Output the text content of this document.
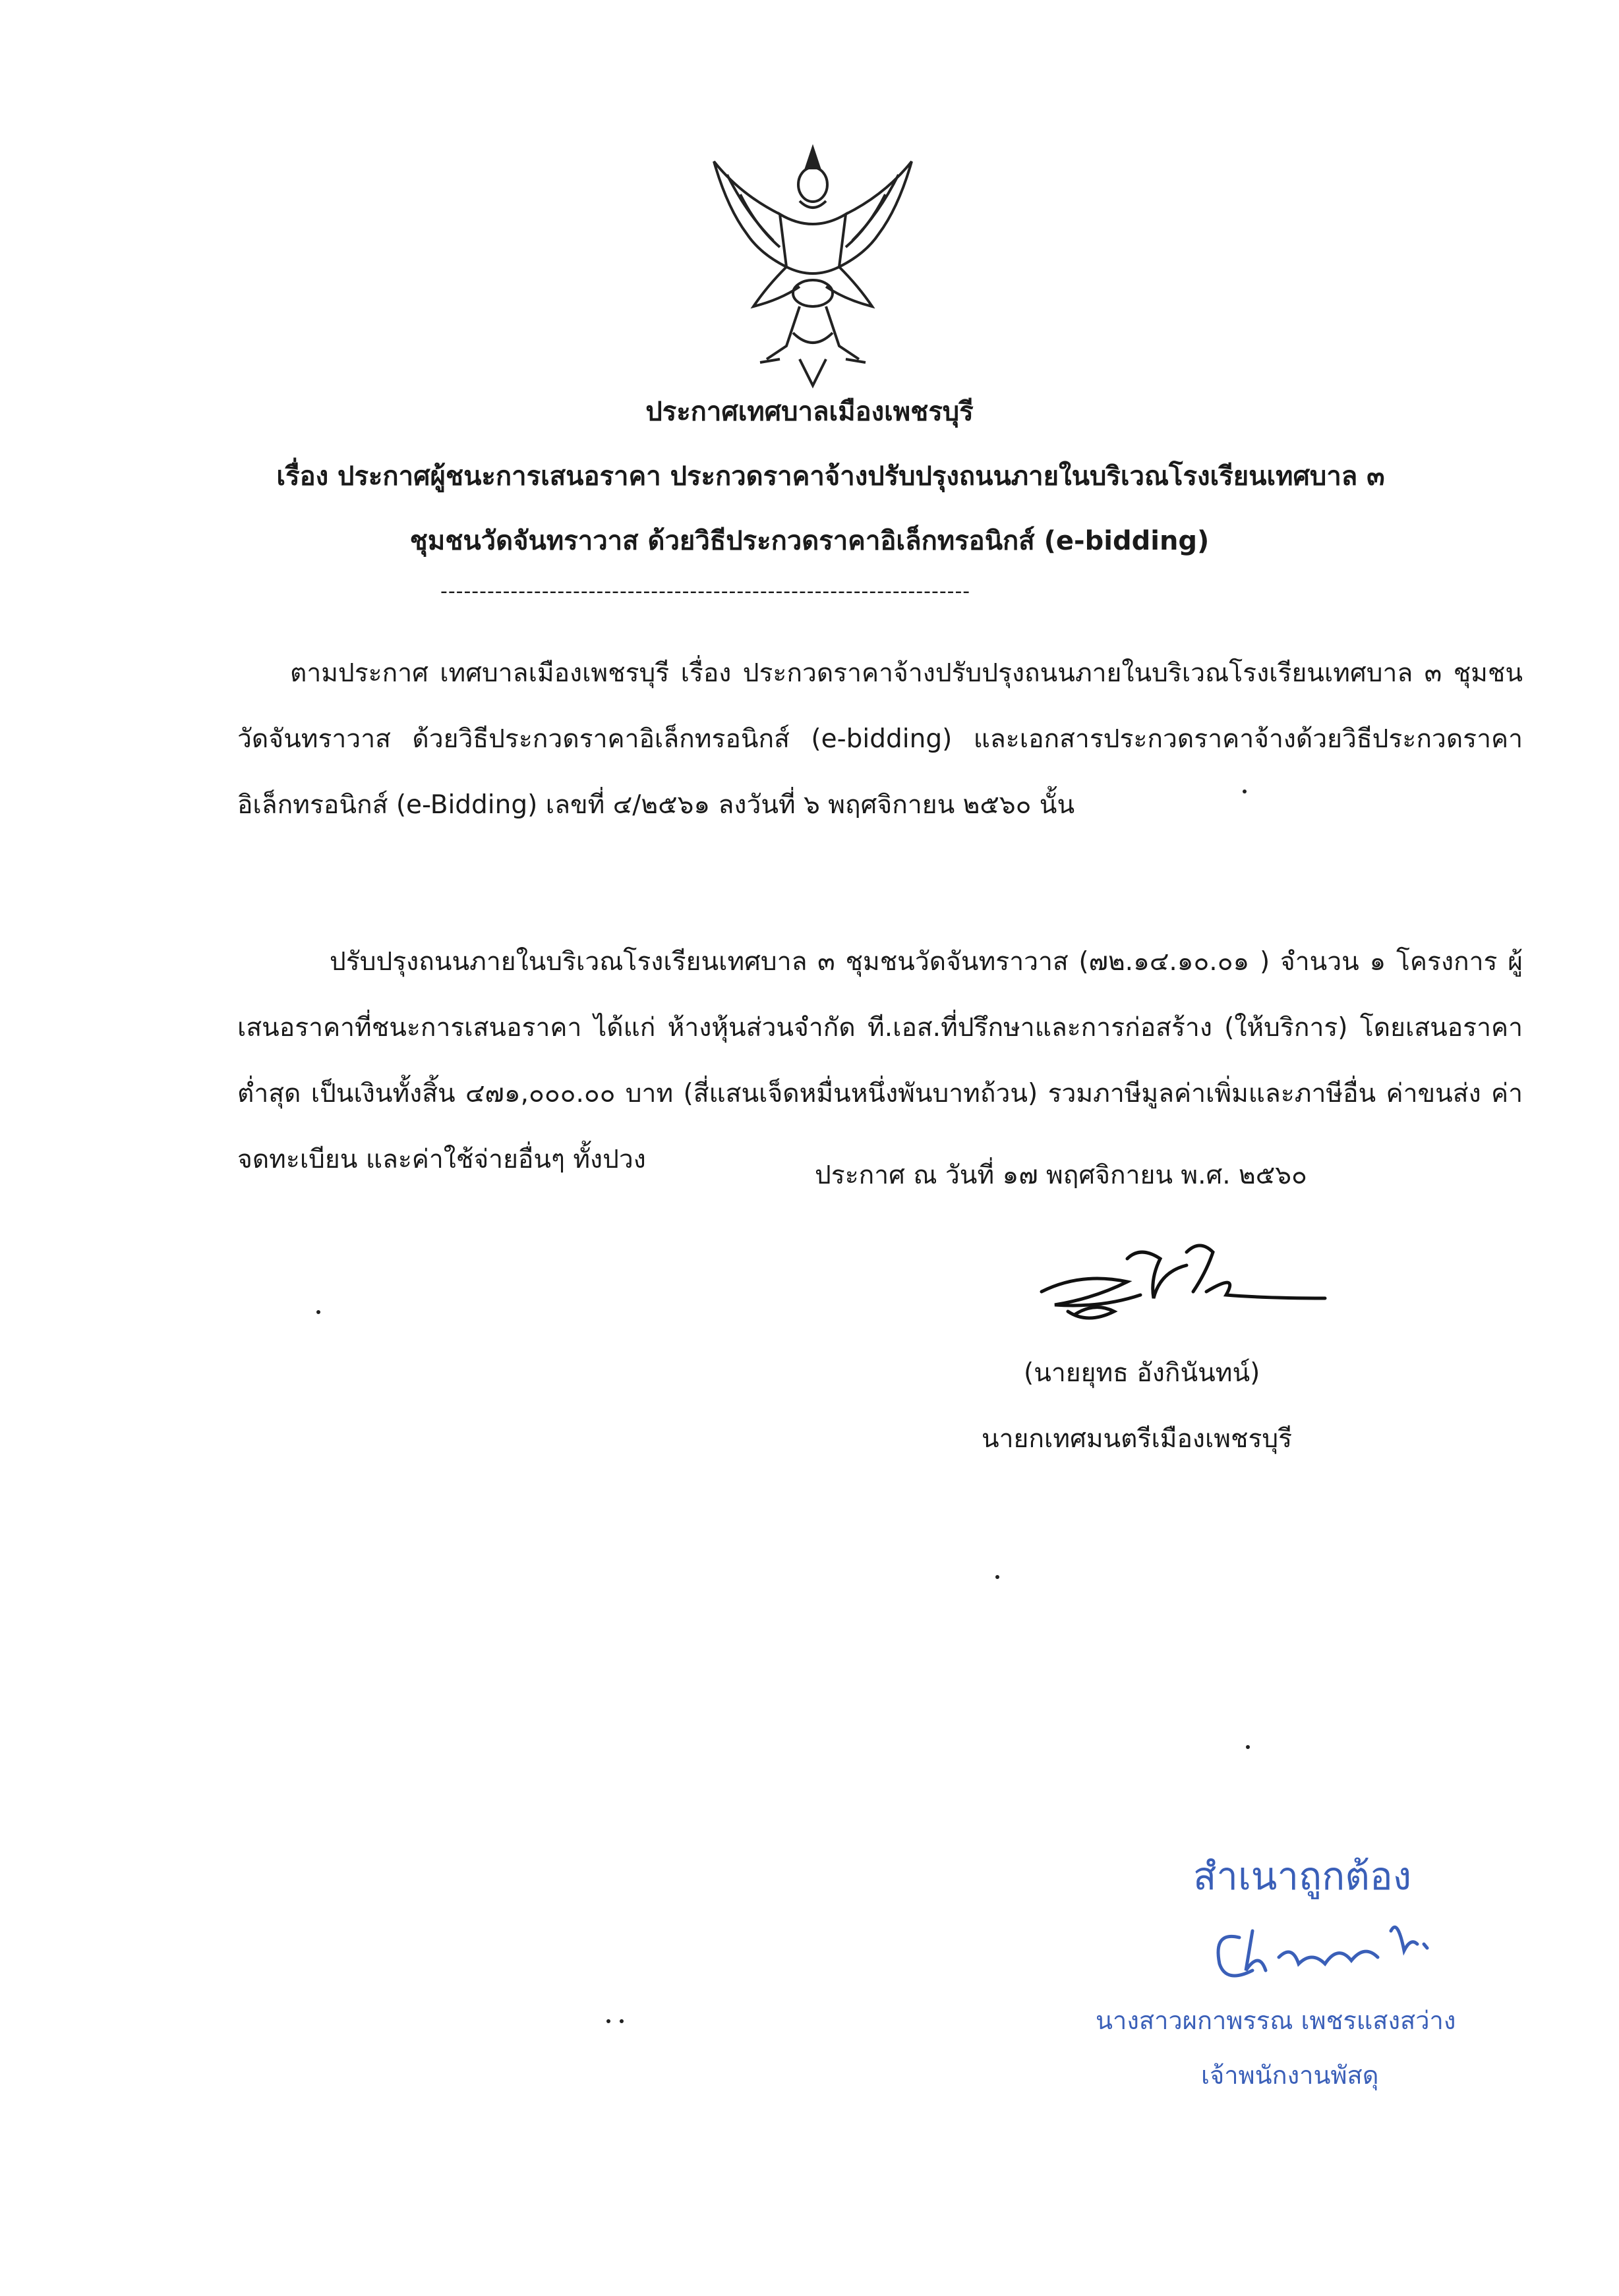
ประกาศเทศบาลเมืองเพชรบุรี
เรื่อง ประกาศผู้ชนะการเสนอราคา ประกวดราคาจ้างปรับปรุงถนนภายในบริเวณโรงเรียนเทศบาล ๓
ชุมชนวัดจันทราวาส ด้วยวิธีประกวดราคาอิเล็กทรอนิกส์ (e-bidding)
--------------------------------------------------------------------
ตามประกาศ เทศบาลเมืองเพชรบุรี เรื่อง ประกวดราคาจ้างปรับปรุงถนนภายในบริเวณโรงเรียนเทศบาล ๓ ชุมชนวัดจันทราวาส ด้วยวิธีประกวดราคาอิเล็กทรอนิกส์ (e-bidding) และเอกสารประกวดราคาจ้างด้วยวิธีประกวดราคาอิเล็กทรอนิกส์ (e-Bidding) เลขที่ ๔/๒๕๖๑ ลงวันที่ ๖ พฤศจิกายน ๒๕๖๐ นั้น
ปรับปรุงถนนภายในบริเวณโรงเรียนเทศบาล ๓ ชุมชนวัดจันทราวาส (๗๒.๑๔.๑๐.๐๑ ) จำนวน ๑ โครงการ ผู้เสนอราคาที่ชนะการเสนอราคา ได้แก่ ห้างหุ้นส่วนจำกัด ที.เอส.ที่ปรึกษาและการก่อสร้าง (ให้บริการ) โดยเสนอราคาต่ำสุด เป็นเงินทั้งสิ้น ๔๗๑,๐๐๐.๐๐ บาท (สี่แสนเจ็ดหมื่นหนึ่งพันบาทถ้วน) รวมภาษีมูลค่าเพิ่มและภาษีอื่น ค่าขนส่ง ค่าจดทะเบียน และค่าใช้จ่ายอื่นๆ ทั้งปวง
ประกาศ ณ วันที่ ๑๗ พฤศจิกายน พ.ศ. ๒๕๖๐
(นายยุทธ อังกินันทน์)
นายกเทศมนตรีเมืองเพชรบุรี
สำเนาถูกต้อง
นางสาวผกาพรรณ เพชรแสงสว่าง
เจ้าพนักงานพัสดุ
